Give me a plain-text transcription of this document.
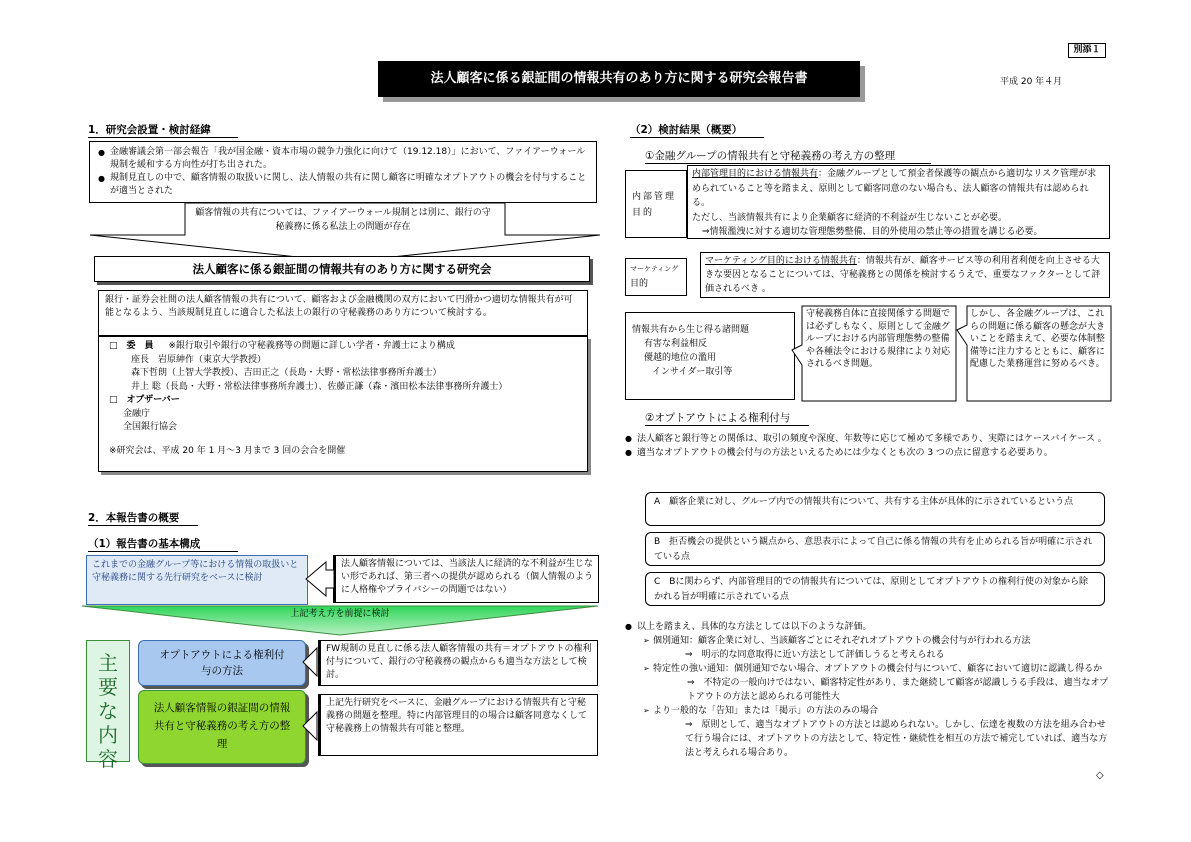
別添１
法人顧客に係る銀証間の情報共有のあり方に関する研究会報告書	平成 20 年４月
1．研究会設置・検討経緯
● 金融審議会第一部会報告「我が国金融・資本市場の競争力強化に向けて（19.12.18）」において、ファイアーウォール規制を緩和する方向性が打ち出された。
● 規制見直しの中で、顧客情報の取扱いに関し、法人情報の共有に関し顧客に明確なオプトアウトの機会を付与することが適当とされた
顧客情報の共有については、ファイアーウォール規制とは別に、銀行の守秘義務に係る私法上の問題が存在
法人顧客に係る銀証間の情報共有のあり方に関する研究会
銀行・証券会社間の法人顧客情報の共有について、顧客および金融機関の双方において円滑かつ適切な情報共有が可能となるよう、当該規制見直しに適合した私法上の銀行の守秘義務のあり方について検討する。
□　委　員 ※銀行取引や銀行の守秘義務等の問題に詳しい学者・弁護士により構成
座長　岩原紳作（東京大学教授）
森下哲朗（上智大学教授）、吉田正之（長島・大野・常松法律事務所弁護士）
井上 聡（長島・大野・常松法律事務所弁護士）、佐藤正謙（森・濱田松本法律事務所弁護士）
□　オブザーバー
金融庁
全国銀行協会
※研究会は、平成 20 年 1 月～3 月まで 3 回の会合を開催
2．本報告書の概要
（1）報告書の基本構成
これまでの金融グループ等における情報の取扱いと守秘義務に関する先行研究をベースに検討
法人顧客情報については、当該法人に経済的な不利益が生じない形であれば、第三者への提供が認められる（個人情報のように人格権やプライバシーの問題ではない）
上記考え方を前提に検討
主要な内容
オプトアウトによる権利付与の方法
FW規制の見直しに係る法人顧客情報の共有＝オプトアウトの権利付与について、銀行の守秘義務の観点からも適当な方法として検討。
法人顧客情報の銀証間の情報共有と守秘義務の考え方の整理
上記先行研究をベースに、金融グループにおける情報共有と守秘義務の問題を整理。特に内部管理目的の場合は顧客同意なくして守秘義務上の情報共有可能と整理。
（2）検討結果（概要）
①金融グループの情報共有と守秘義務の考え方の整理
内部管理目的
内部管理目的における情報共有：金融グループとして預金者保護等の観点から適切なリスク管理が求められていること等を踏まえ、原則として顧客同意のない場合も、法人顧客の情報共有は認められる。
ただし、当該情報共有により企業顧客に経済的不利益が生じないことが必要。
⇒情報濫洩に対する適切な管理態勢整備、目的外使用の禁止等の措置を講じる必要。
マーケティング
目的
マーケティング目的における情報共有：情報共有が、顧客サービス等の利用者利便を向上させる大きな要因となることについては、守秘義務との関係を検討するうえで、重要なファクターとして評価されるべき 。
情報共有から生じ得る諸問題
有害な利益相反
優越的地位の濫用
インサイダー取引等
守秘義務自体に直接関係する問題では必ずしもなく、原則として金融グループにおける内部管理態勢の整備や各種法令における規律により対応されるべき問題。
しかし、各金融グループは、これらの問題に係る顧客の懸念が大きいことを踏まえて、必要な体制整備等に注力するとともに、顧客に配慮した業務運営に努めるべき。
②オプトアウトによる権利付与
● 法人顧客と銀行等との関係は、取引の頻度や深度、年数等に応じて極めて多様であり、実際にはケースバイケース 。
● 適当なオプトアウトの機会付与の方法といえるためには少なくとも次の 3 つの点に留意する必要あり。
A　顧客企業に対し、グループ内での情報共有について、共有する主体が具体的に示されているという点
B　拒否機会の提供という観点から、意思表示によって自己に係る情報の共有を止められる旨が明確に示されている点
C　Bに関わらず、内部管理目的での情報共有については、原則としてオプトアウトの権利行使の対象から除かれる旨が明確に示されている点
● 以上を踏まえ、具体的な方法としては以下のような評価。
➢ 個別通知：顧客企業に対し、当該顧客ごとにそれぞれオプトアウトの機会付与が行われる方法
⇒　明示的な同意取得に近い方法として評価しうると考えられる
➢ 特定性の強い通知：個別通知でない場合、オプトアウトの機会付与について、顧客において適切に認識し得るか
⇒　不特定の一般向けではない、顧客特定性があり、また継続して顧客が認識しうる手段は、適当なオプトアウトの方法と認められる可能性大
➢ より一般的な「告知」または「掲示」の方法のみの場合
⇒　原則として、適当なオプトアウトの方法とは認められない。しかし、伝達を複数の方法を組み合わせて行う場合には、オプトアウトの方法として、特定性・継続性を相互の方法で補完していれば、適当な方法と考えられる場合あり。
◇
